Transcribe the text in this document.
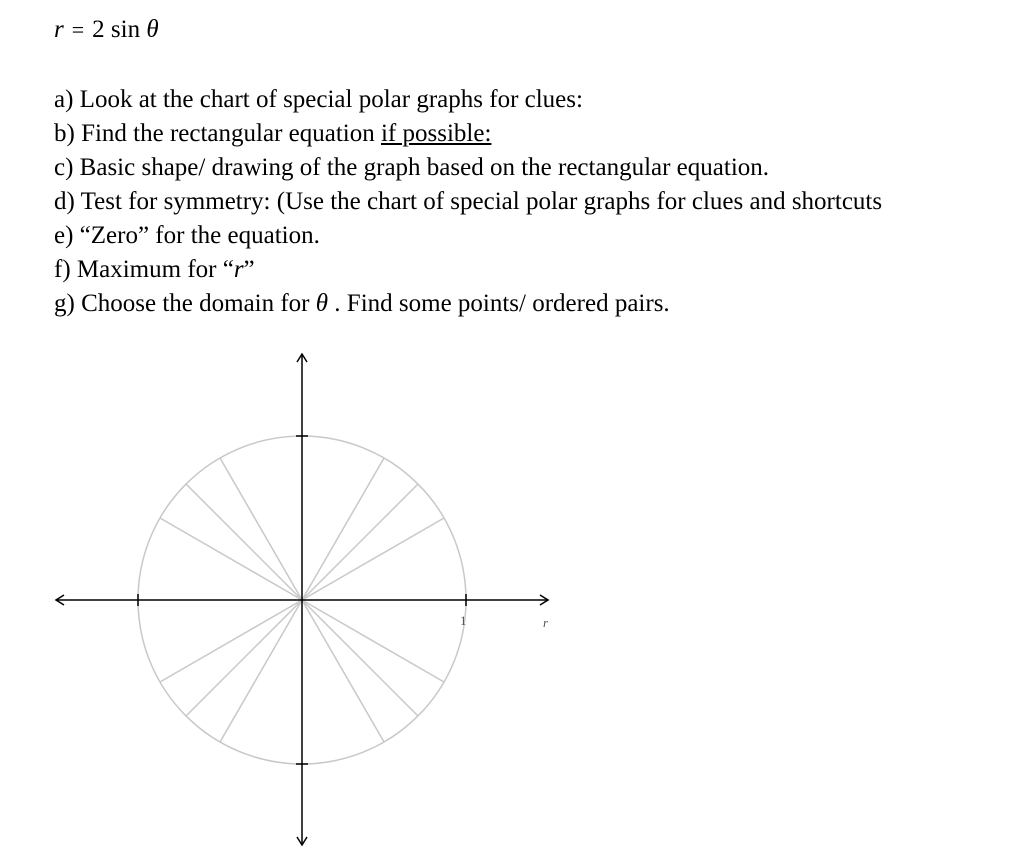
r = 2 sin θ
a) Look at the chart of special polar graphs for clues:
b) Find the rectangular equation if possible:
c) Basic shape/ drawing of the graph based on the rectangular equation.
d) Test for symmetry: (Use the chart of special polar graphs for clues and shortcuts
e) “Zero” for the equation.
f) Maximum for “r”
g) Choose the domain for θ . Find some points/ ordered pairs.
1	r
